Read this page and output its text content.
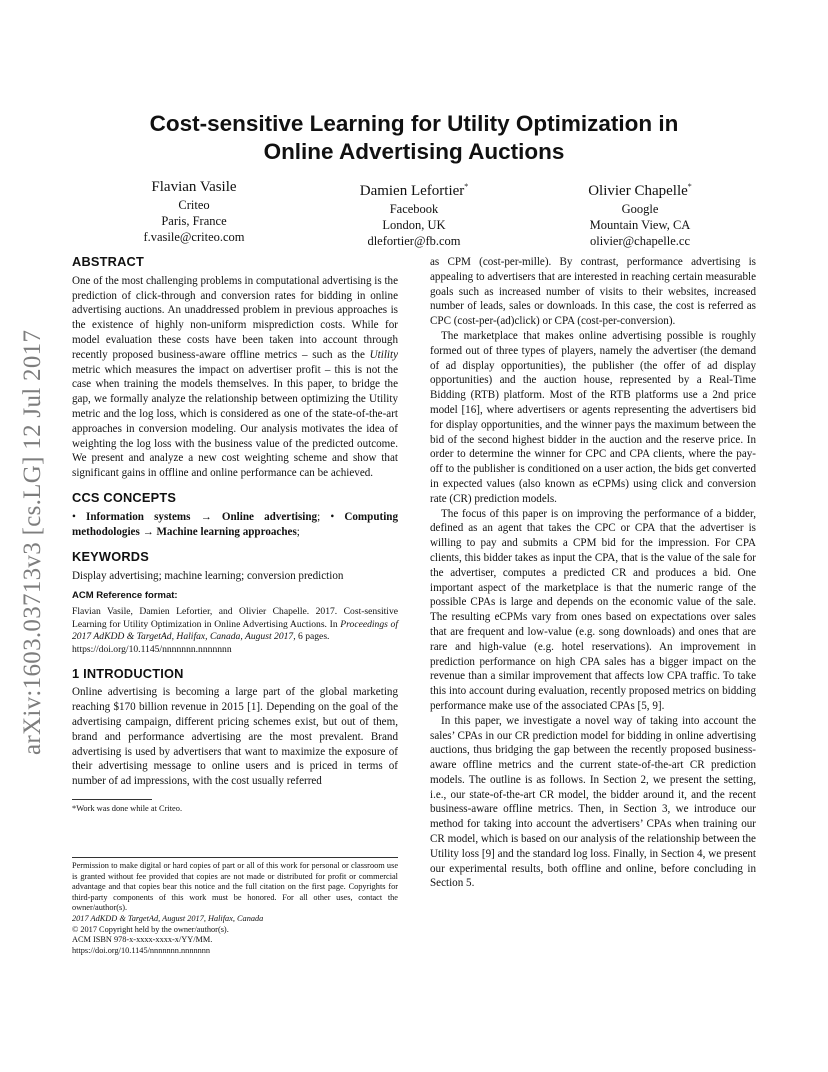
arXiv:1603.03713v3 [cs.LG] 12 Jul 2017
Cost-sensitive Learning for Utility Optimization in
Online Advertising Auctions
Flavian Vasile
Criteo
Paris, France
f.vasile@criteo.com
Damien Lefortier*
Facebook
London, UK
dlefortier@fb.com
Olivier Chapelle*
Google
Mountain View, CA
olivier@chapelle.cc
ABSTRACT

One of the most challenging problems in computational advertising is the prediction of click-through and conversion rates for bidding in online advertising auctions. An unaddressed problem in previous approaches is the existence of highly non-uniform misprediction costs. While for model evaluation these costs have been taken into account through recently proposed business-aware offline metrics – such as the Utility metric which measures the impact on advertiser profit – this is not the case when training the models themselves. In this paper, to bridge the gap, we formally analyze the relationship between optimizing the Utility metric and the log loss, which is considered as one of the state-of-the-art approaches in conversion modeling. Our analysis motivates the idea of weighting the log loss with the business value of the predicted outcome. We present and analyze a new cost weighting scheme and show that significant gains in offline and online performance can be achieved.

CCS CONCEPTS

• Information systems → Online advertising; • Computing methodologies → Machine learning approaches;

KEYWORDS

Display advertising; machine learning; conversion prediction

ACM Reference format:

Flavian Vasile, Damien Lefortier, and Olivier Chapelle. 2017. Cost-sensitive Learning for Utility Optimization in Online Advertising Auctions. In Proceedings of 2017 AdKDD & TargetAd, Halifax, Canada, August 2017, 6 pages.
https://doi.org/10.1145/nnnnnnn.nnnnnnn

1 INTRODUCTION

Online advertising is becoming a large part of the global marketing reaching $170 billion revenue in 2015 [1]. Depending on the goal of the advertising campaign, different pricing schemes exist, but out of them, brand and performance advertising are the most prevalent. Brand advertising is used by advertisers that want to maximize the exposure of their advertising message to online users and is priced in terms of number of ad impressions, with the cost usually referred

*Work was done while at Criteo.
Permission to make digital or hard copies of part or all of this work for personal or classroom use is granted without fee provided that copies are not made or distributed for profit or commercial advantage and that copies bear this notice and the full citation on the first page. Copyrights for third-party components of this work must be honored. For all other uses, contact the owner/author(s).
2017 AdKDD & TargetAd, August 2017, Halifax, Canada
© 2017 Copyright held by the owner/author(s).
ACM ISBN 978-x-xxxx-xxxx-x/YY/MM.
https://doi.org/10.1145/nnnnnnn.nnnnnnn

as CPM (cost-per-mille). By contrast, performance advertising is appealing to advertisers that are interested in reaching certain measurable goals such as increased number of visits to their websites, increased number of leads, sales or downloads. In this case, the cost is referred as CPC (cost-per-(ad)click) or CPA (cost-per-conversion).

The marketplace that makes online advertising possible is roughly formed out of three types of players, namely the advertiser (the demand of ad display opportunities), the publisher (the offer of ad display opportunities) and the auction house, represented by a Real-Time Bidding (RTB) platform. Most of the RTB platforms use a 2nd price model [16], where advertisers or agents representing the advertisers bid for display opportunities, and the winner pays the maximum between the bid of the second highest bidder in the auction and the reserve price. In order to determine the winner for CPC and CPA clients, where the pay-off to the publisher is conditioned on a user action, the bids get converted in expected values (also known as eCPMs) using click and conversion rate (CR) prediction models.

The focus of this paper is on improving the performance of a bidder, defined as an agent that takes the CPC or CPA that the advertiser is willing to pay and submits a CPM bid for the impression. For CPA clients, this bidder takes as input the CPA, that is the value of the sale for the advertiser, computes a predicted CR and produces a bid. One important aspect of the marketplace is that the numeric range of the possible CPAs is large and depends on the economic value of the sale. The resulting eCPMs vary from ones based on expectations over sales that are frequent and low-value (e.g. song downloads) and ones that are rare and high-value (e.g. hotel reservations). An improvement in prediction performance on high CPA sales has a bigger impact on the revenue than a similar improvement that affects low CPA traffic. To take this into account during evaluation, recently proposed metrics on bidding performance make use of the associated CPAs [5, 9].

In this paper, we investigate a novel way of taking into account the sales’ CPAs in our CR prediction model for bidding in online advertising auctions, thus bridging the gap between the recently proposed business-aware offline metrics and the current state-of-the-art CR prediction models. The outline is as follows. In Section 2, we present the setting, i.e., our state-of-the-art CR model, the bidder around it, and the recent business-aware offline metrics. Then, in Section 3, we introduce our method for taking into account the advertisers’ CPAs when training our CR model, which is based on our analysis of the relationship between the Utility loss [9] and the standard log loss. Finally, in Section 4, we present our experimental results, both offline and online, before concluding in Section 5.
